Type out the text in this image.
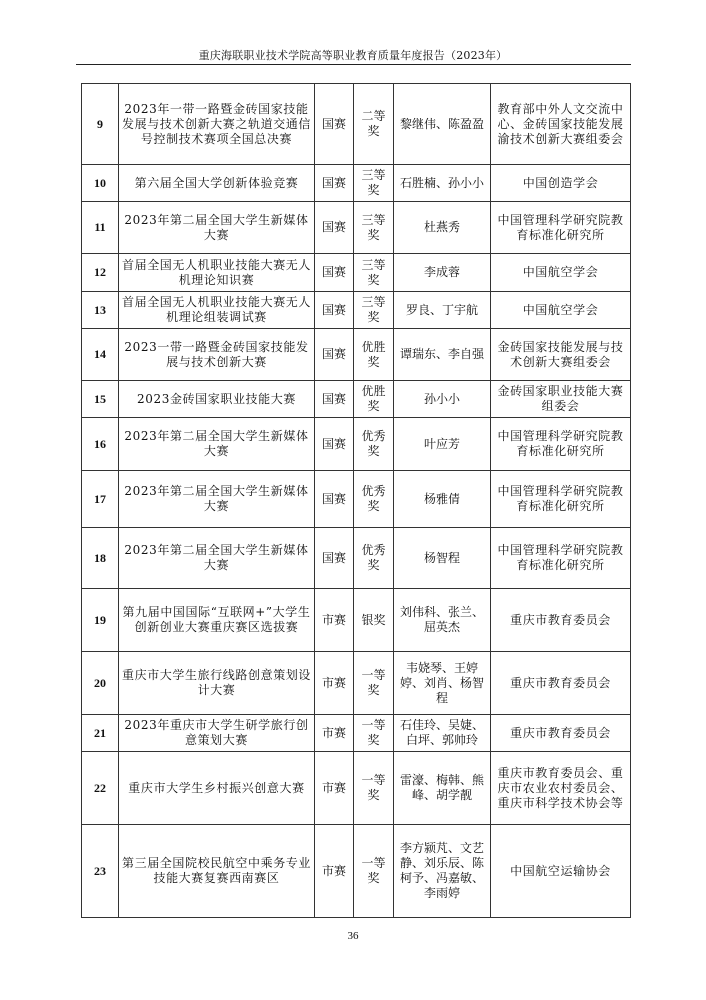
重庆海联职业技术学院高等职业教育质量年度报告（2023年）
9	2023年一带一路暨金砖国家技能发展与技术创新大赛之轨道交通信号控制技术赛项全国总决赛	国赛	二等奖	黎继伟、陈盈盈	教育部中外人文交流中心、金砖国家技能发展渝技术创新大赛组委会
10	第六届全国大学创新体验竞赛	国赛	三等奖	石胜楠、孙小小	中国创造学会
11	2023年第二届全国大学生新媒体大赛	国赛	三等奖	杜燕秀	中国管理科学研究院教育标准化研究所
12	首届全国无人机职业技能大赛无人机理论知识赛	国赛	三等奖	李成蓉	中国航空学会
13	首届全国无人机职业技能大赛无人机理论组装调试赛	国赛	三等奖	罗良、丁宇航	中国航空学会
14	2023一带一路暨金砖国家技能发展与技术创新大赛	国赛	优胜奖	谭瑞东、李自强	金砖国家技能发展与技术创新大赛组委会
15	2023金砖国家职业技能大赛	国赛	优胜奖	孙小小	金砖国家职业技能大赛组委会
16	2023年第二届全国大学生新媒体大赛	国赛	优秀奖	叶应芳	中国管理科学研究院教育标准化研究所
17	2023年第二届全国大学生新媒体大赛	国赛	优秀奖	杨雅倩	中国管理科学研究院教育标准化研究所
18	2023年第二届全国大学生新媒体大赛	国赛	优秀奖	杨智程	中国管理科学研究院教育标准化研究所
19	第九届中国国际“互联网+”大学生创新创业大赛重庆赛区选拔赛	市赛	银奖	刘伟科、张兰、屈英杰	重庆市教育委员会
20	重庆市大学生旅行线路创意策划设计大赛	市赛	一等奖	韦娆琴、王婷婷、刘肖、杨智程	重庆市教育委员会
21	2023年重庆市大学生研学旅行创意策划大赛	市赛	一等奖	石佳玲、吴婕、白坪、郭帅玲	重庆市教育委员会
22	重庆市大学生乡村振兴创意大赛	市赛	一等奖	雷濠、梅韩、熊峰、胡学靓	重庆市教育委员会、重庆市农业农村委员会、重庆市科学技术协会等
23	第三届全国院校民航空中乘务专业技能大赛复赛西南赛区	市赛	一等奖	李方颍芃、文艺静、刘乐辰、陈柯予、冯嘉敏、李雨婷	中国航空运输协会
36
